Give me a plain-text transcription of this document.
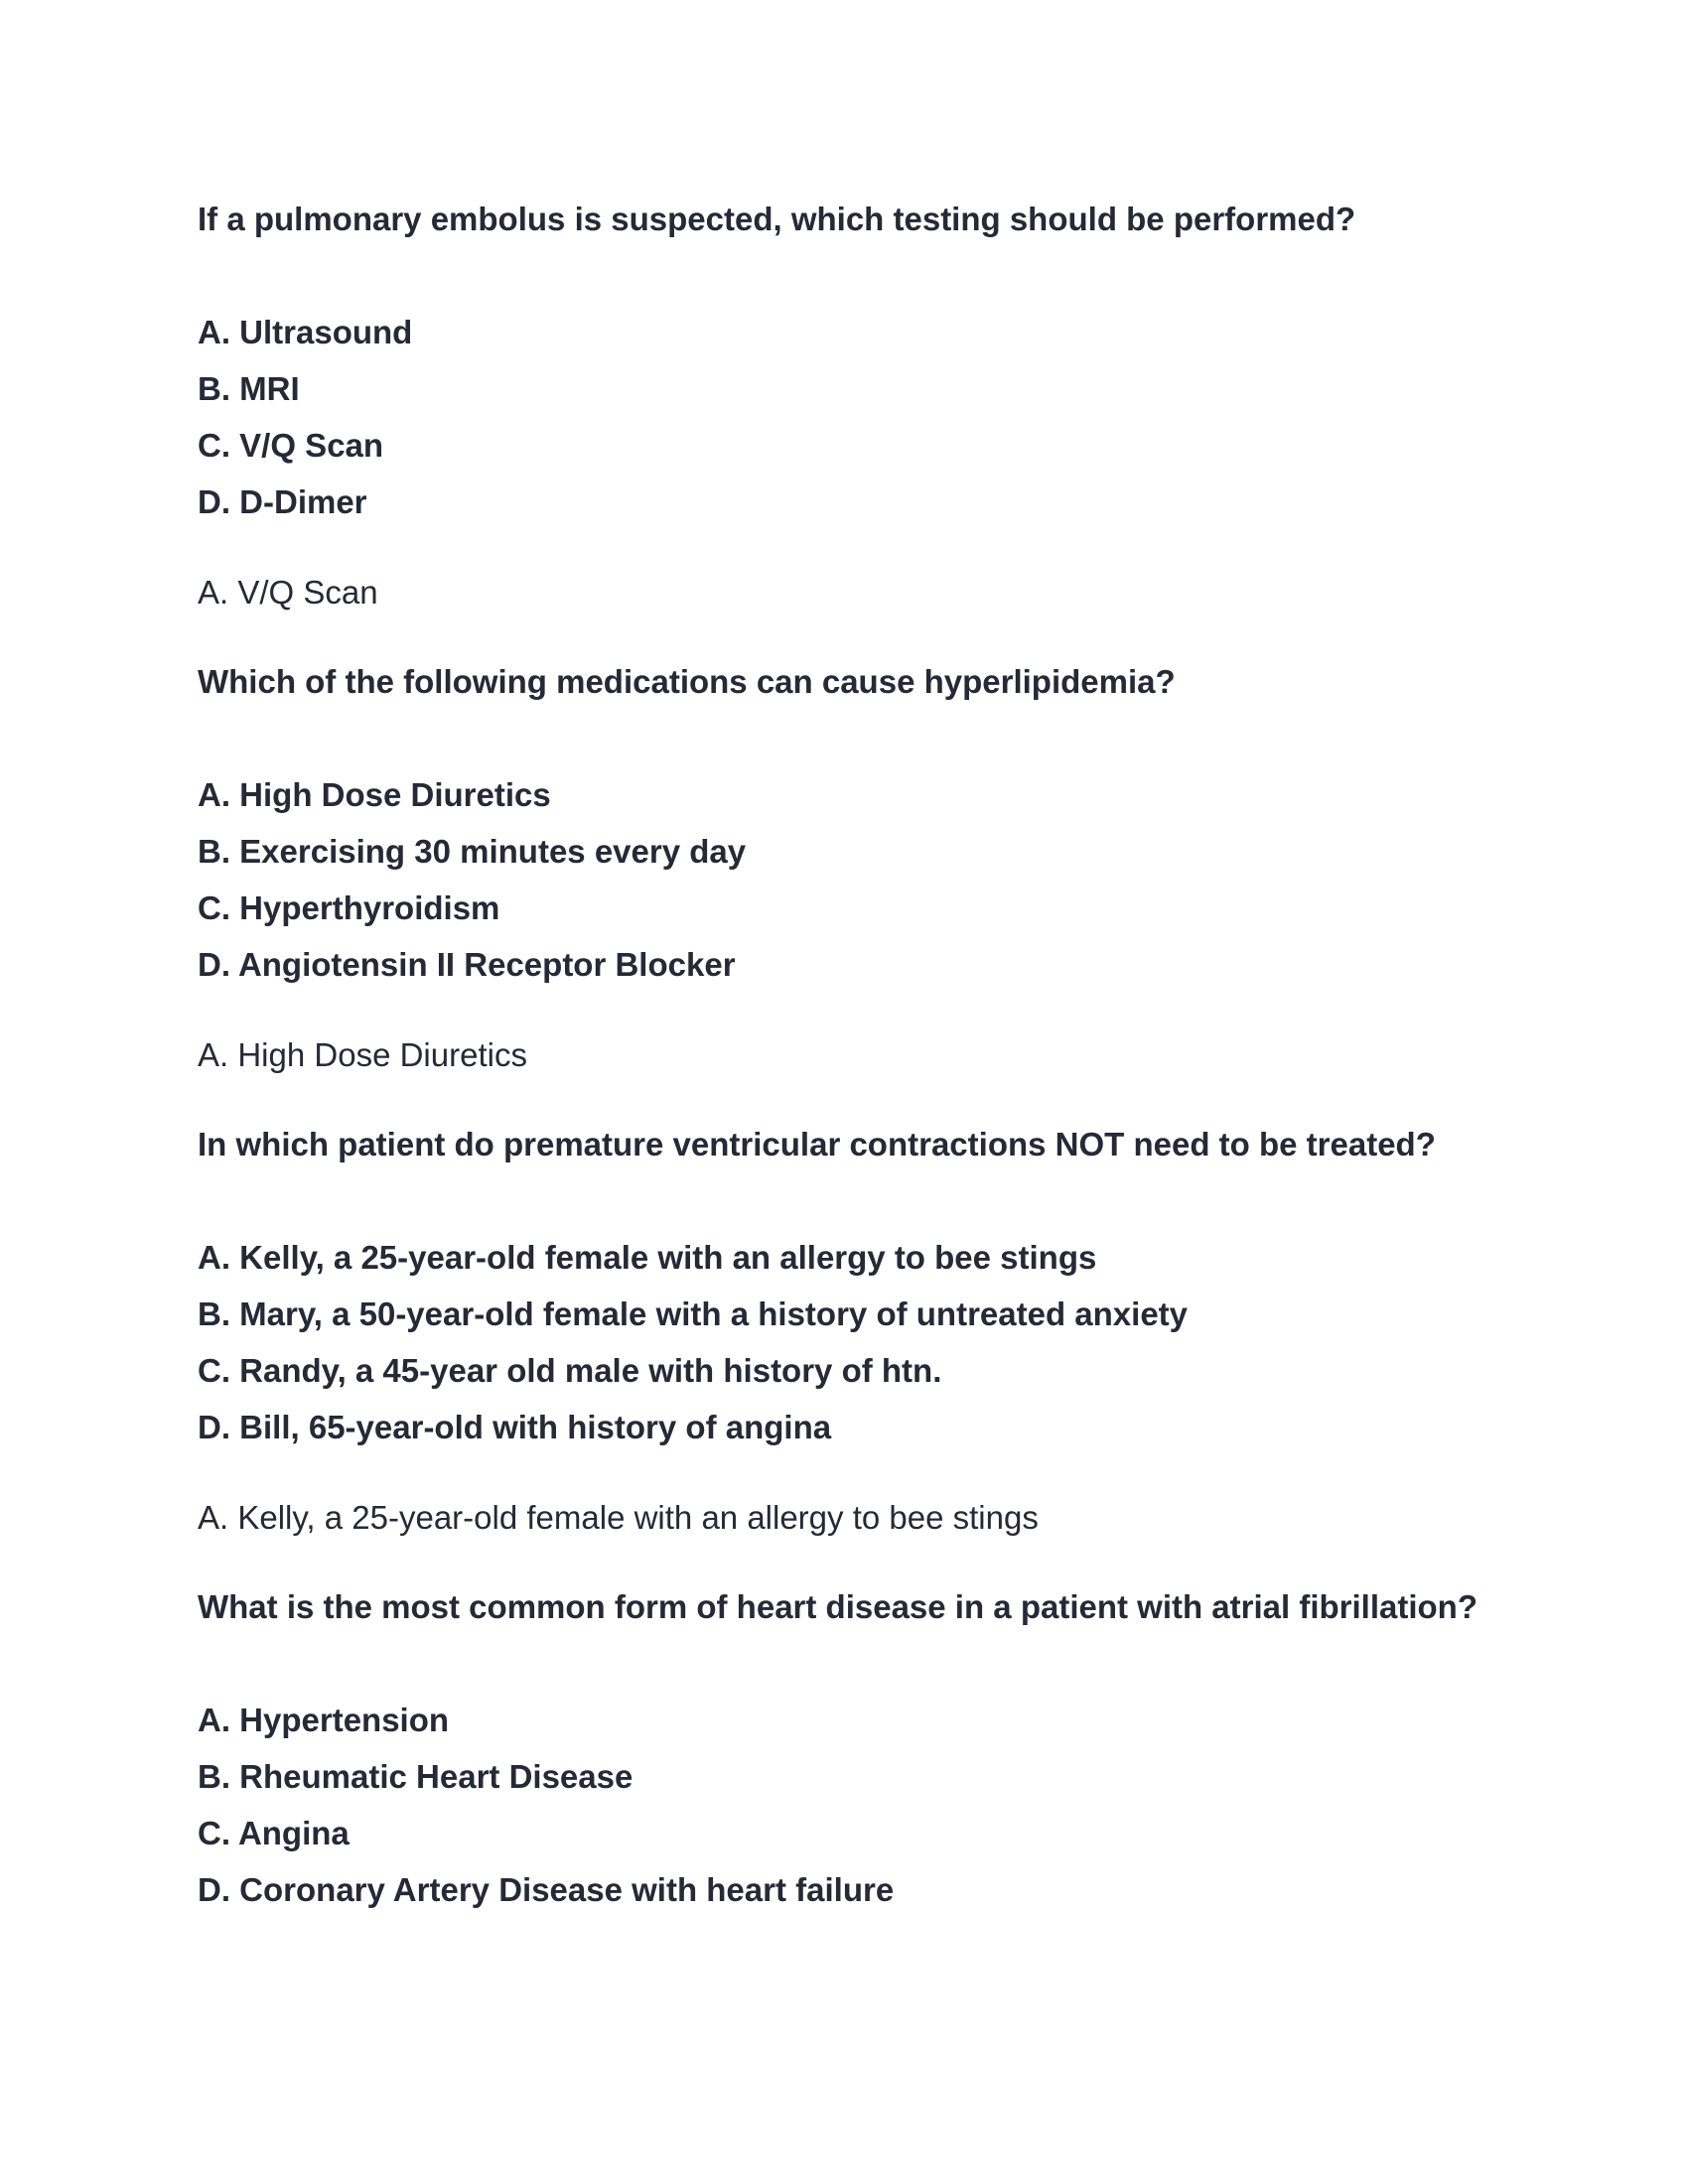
If a pulmonary embolus is suspected, which testing should be performed?

A. Ultrasound

B. MRI

C. V/Q Scan

D. D-Dimer

A. V/Q Scan

Which of the following medications can cause hyperlipidemia?

A. High Dose Diuretics

B. Exercising 30 minutes every day

C. Hyperthyroidism

D. Angiotensin II Receptor Blocker

A. High Dose Diuretics

In which patient do premature ventricular contractions NOT need to be treated?

A. Kelly, a 25-year-old female with an allergy to bee stings

B. Mary, a 50-year-old female with a history of untreated anxiety

C. Randy, a 45-year old male with history of htn.

D. Bill, 65-year-old with history of angina

A. Kelly, a 25-year-old female with an allergy to bee stings

What is the most common form of heart disease in a patient with atrial fibrillation?

A. Hypertension

B. Rheumatic Heart Disease

C. Angina

D. Coronary Artery Disease with heart failure
